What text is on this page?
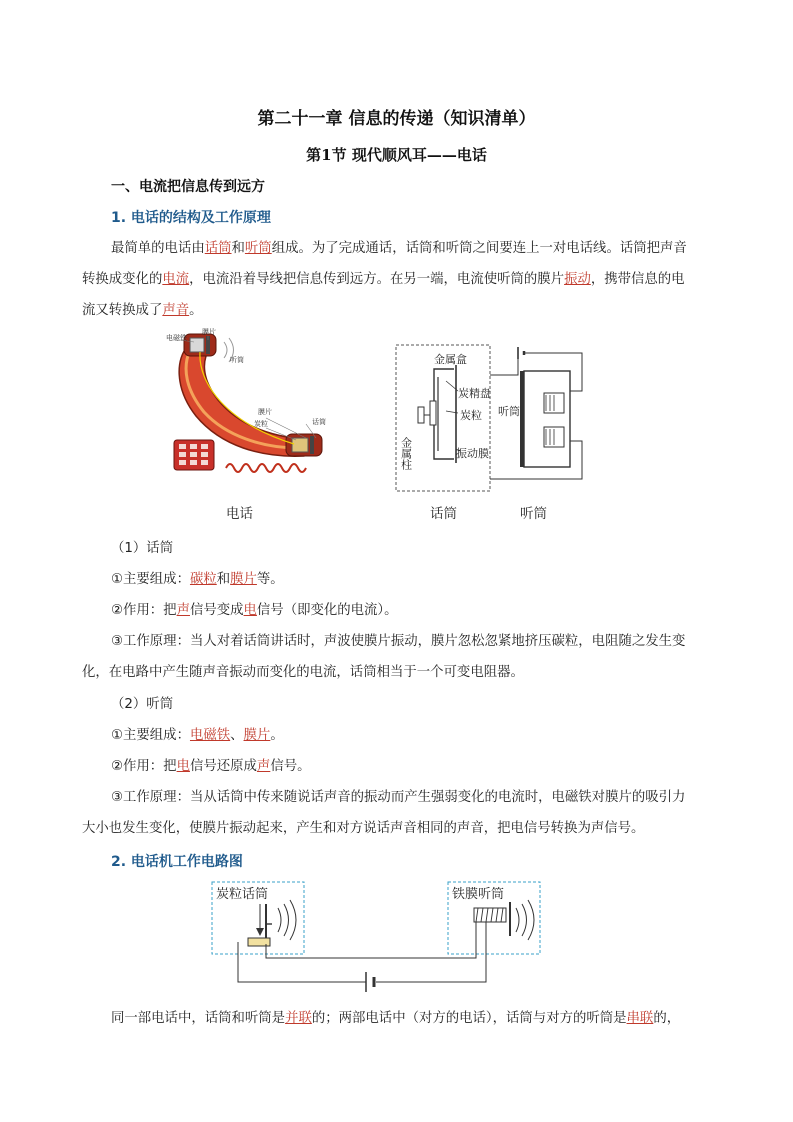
第二十一章 信息的传递（知识清单）
第1节 现代顺风耳——电话
一、电流把信息传到远方
1. 电话的结构及工作原理

最简单的电话由话筒和听筒组成。为了完成通话，话筒和听筒之间要连上一对电话线。话筒把声音

转换成变化的电流，电流沿着导线把信息传到远方。在另一端，电流使听筒的膜片振动，携带信息的电

流又转换成了声音。

电磁铁
膜片
听筒
膜片
炭粒	话筒
金属盒
炭精盘
炭粒
振动膜
金属柱
听筒
电话	话筒	听筒

（1）话筒

①主要组成：碳粒和膜片等。

②作用：把声信号变成电信号（即变化的电流）。

③工作原理：当人对着话筒讲话时，声波使膜片振动，膜片忽松忽紧地挤压碳粒，电阻随之发生变

化，在电路中产生随声音振动而变化的电流，话筒相当于一个可变电阻器。

（2）听筒

①主要组成：电磁铁、膜片。

②作用：把电信号还原成声信号。

③工作原理：当从话筒中传来随说话声音的振动而产生强弱变化的电流时，电磁铁对膜片的吸引力

大小也发生变化，使膜片振动起来，产生和对方说话声音相同的声音，把电信号转换为声信号。

2. 电话机工作电路图
炭粒话筒	铁膜听筒

同一部电话中，话筒和听筒是并联的；两部电话中（对方的电话），话筒与对方的听筒是串联的，
